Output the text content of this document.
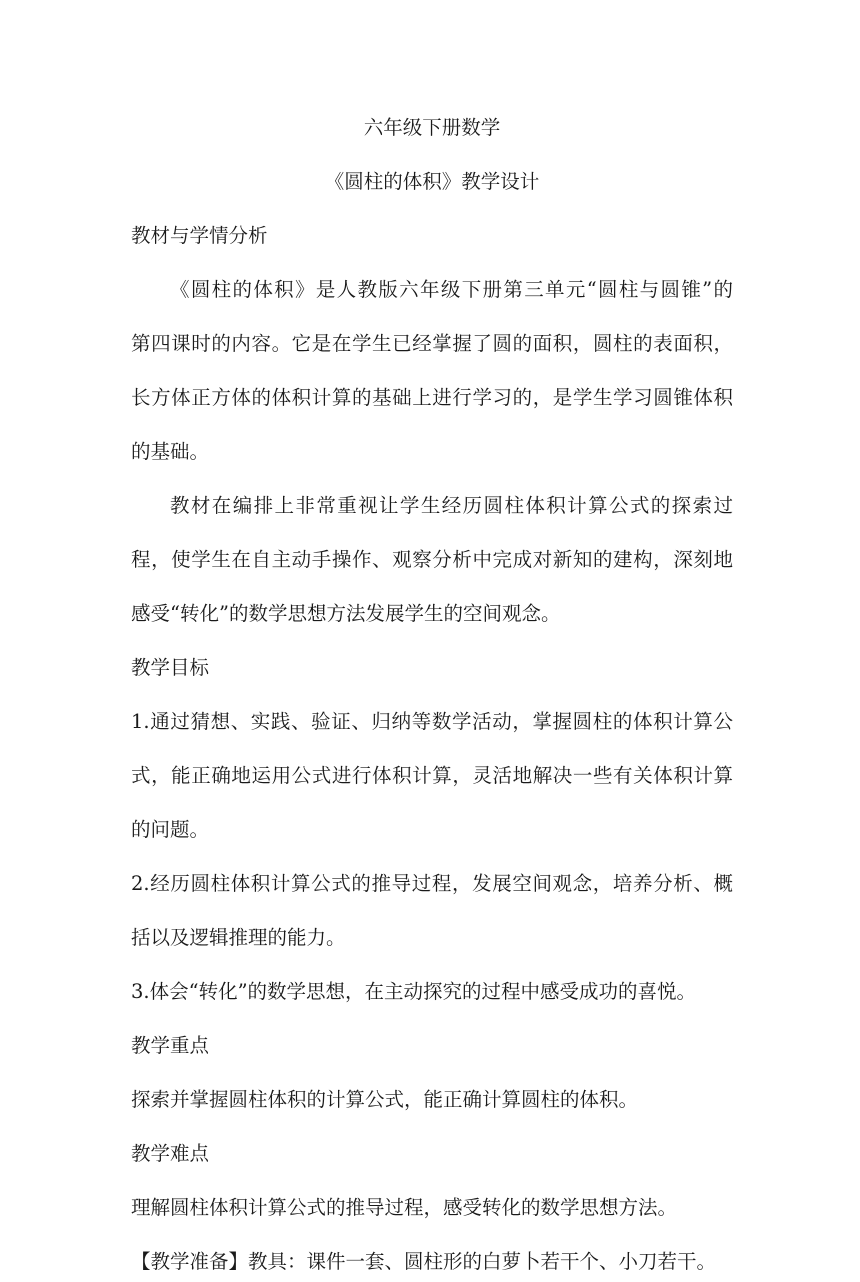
六年级下册数学

《圆柱的体积》教学设计

教材与学情分析

《圆柱的体积》是人教版六年级下册第三单元“圆柱与圆锥”的

第四课时的内容。它是在学生已经掌握了圆的面积，圆柱的表面积，

长方体正方体的体积计算的基础上进行学习的，是学生学习圆锥体积

的基础。

教材在编排上非常重视让学生经历圆柱体积计算公式的探索过

程，使学生在自主动手操作、观察分析中完成对新知的建构，深刻地

感受“转化”的数学思想方法发展学生的空间观念。

教学目标

1.通过猜想、实践、验证、归纳等数学活动，掌握圆柱的体积计算公

式，能正确地运用公式进行体积计算，灵活地解决一些有关体积计算

的问题。

2.经历圆柱体积计算公式的推导过程，发展空间观念，培养分析、概

括以及逻辑推理的能力。

3.体会“转化”的数学思想，在主动探究的过程中感受成功的喜悦。

教学重点

探索并掌握圆柱体积的计算公式，能正确计算圆柱的体积。

教学难点

理解圆柱体积计算公式的推导过程，感受转化的数学思想方法。

【教学准备】教具：课件一套、圆柱形的白萝卜若干个、小刀若干。
